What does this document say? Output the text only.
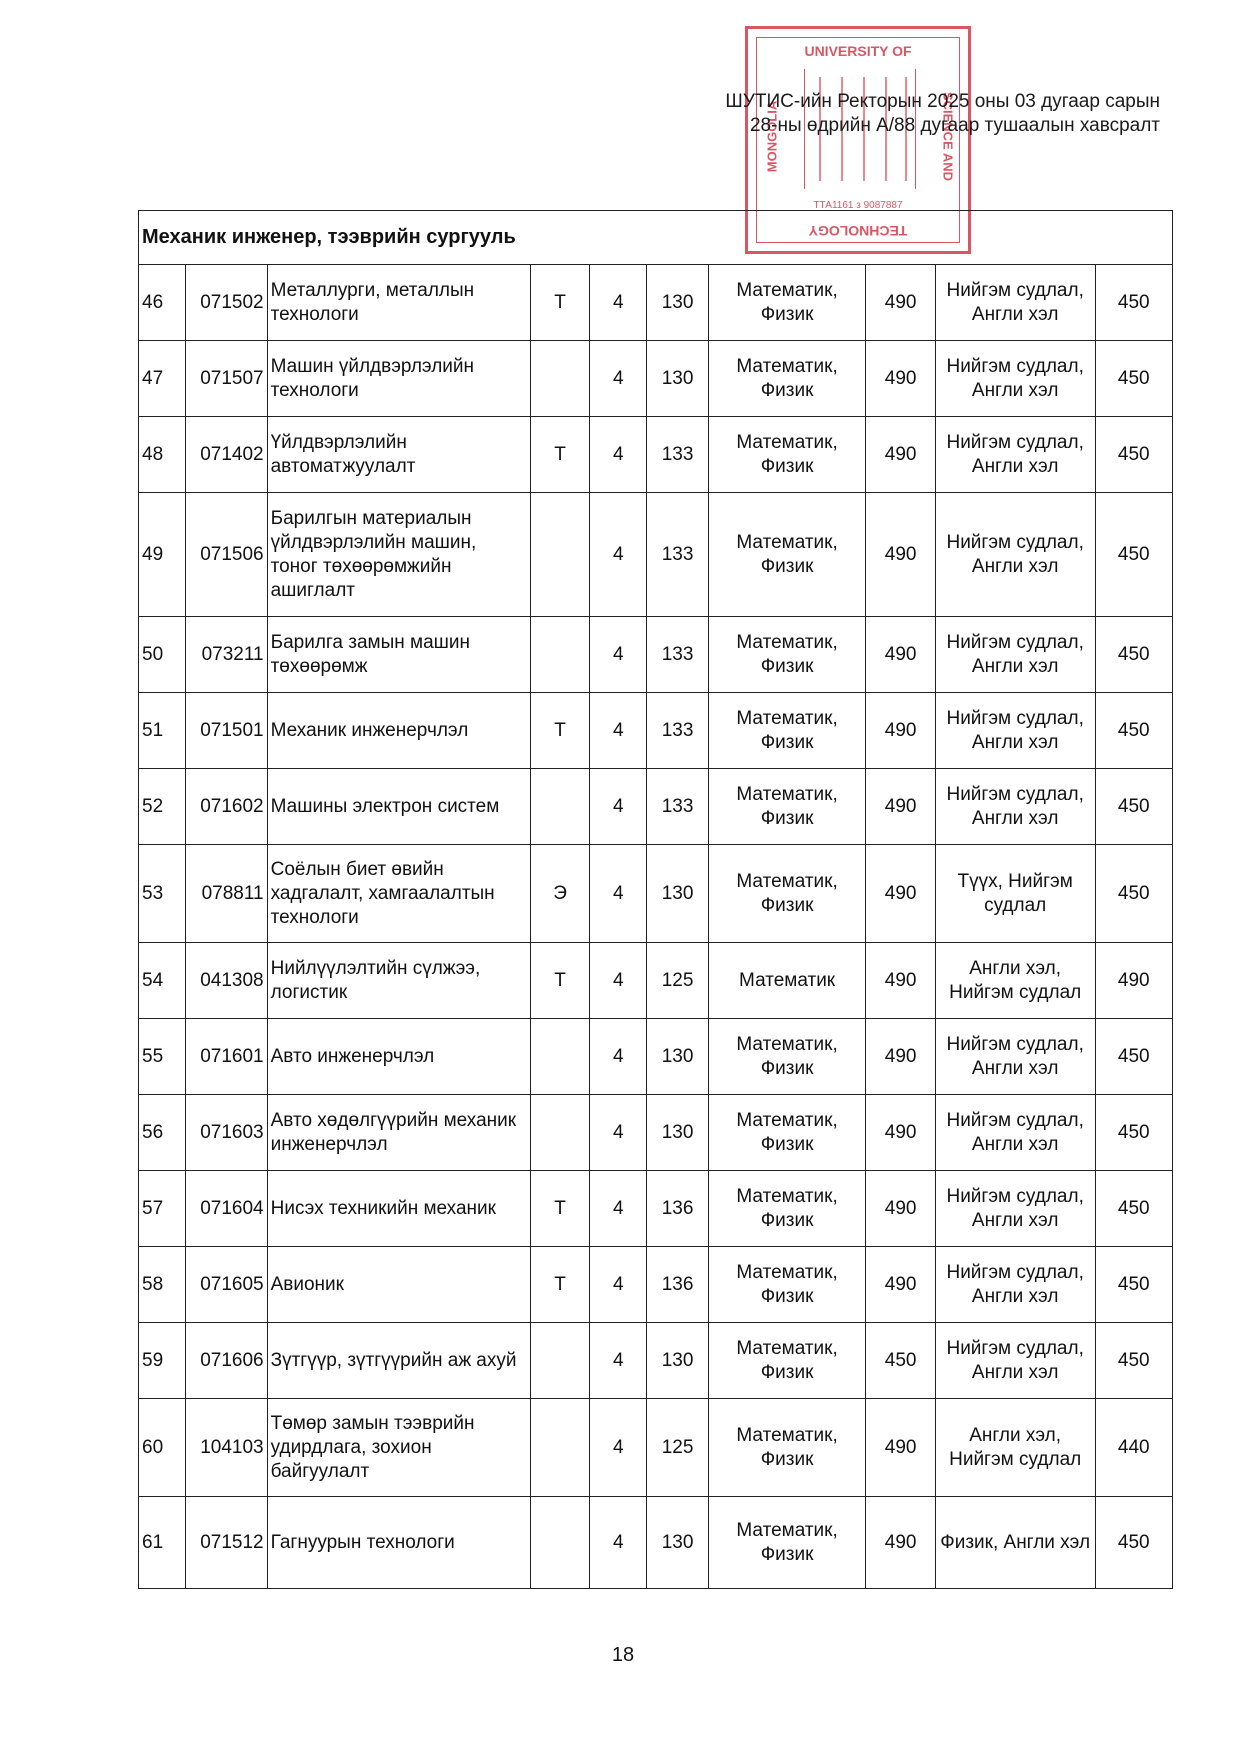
UNIVERSITY OF
MONGOLIA	SCIENCE AND
ТТА1161 з 9087887
TECHNOLOGY
ШУТИС-ийн Ректорын 2025 оны 03 дугаар сарын
28-ны өдрийн А/88 дугаар тушаалын хавсралт
Механик инженер, тээврийн сургууль									
46	071502	Металлурги, металлын технологи	Т	4	130	Математик, Физик	490	Нийгэм судлал, Англи хэл	450
47	071507	Машин үйлдвэрлэлийн технологи		4	130	Математик, Физик	490	Нийгэм судлал, Англи хэл	450
48	071402	Үйлдвэрлэлийн автоматжуулалт	Т	4	133	Математик, Физик	490	Нийгэм судлал, Англи хэл	450
49	071506	Барилгын материалын үйлдвэрлэлийн машин, тоног төхөөрөмжийн ашиглалт		4	133	Математик, Физик	490	Нийгэм судлал, Англи хэл	450
50	073211	Барилга замын машин төхөөрөмж		4	133	Математик, Физик	490	Нийгэм судлал, Англи хэл	450
51	071501	Механик инженерчлэл	Т	4	133	Математик, Физик	490	Нийгэм судлал, Англи хэл	450
52	071602	Машины электрон систем		4	133	Математик, Физик	490	Нийгэм судлал, Англи хэл	450
53	078811	Соёлын биет өвийн хадгалалт, хамгаалалтын технологи	Э	4	130	Математик, Физик	490	Түүх, Нийгэм судлал	450
54	041308	Нийлүүлэлтийн сүлжээ, логистик	Т	4	125	Математик	490	Англи хэл, Нийгэм судлал	490
55	071601	Авто инженерчлэл		4	130	Математик, Физик	490	Нийгэм судлал, Англи хэл	450
56	071603	Авто хөдөлгүүрийн механик инженерчлэл		4	130	Математик, Физик	490	Нийгэм судлал, Англи хэл	450
57	071604	Нисэх техникийн механик	Т	4	136	Математик, Физик	490	Нийгэм судлал, Англи хэл	450
58	071605	Авионик	Т	4	136	Математик, Физик	490	Нийгэм судлал, Англи хэл	450
59	071606	Зүтгүүр, зүтгүүрийн аж ахуй		4	130	Математик, Физик	450	Нийгэм судлал, Англи хэл	450
60	104103	Төмөр замын тээврийн удирдлага, зохион байгуулалт		4	125	Математик, Физик	490	Англи хэл, Нийгэм судлал	440
61	071512	Гагнуурын технологи		4	130	Математик, Физик	490	Физик, Англи хэл	450
18
